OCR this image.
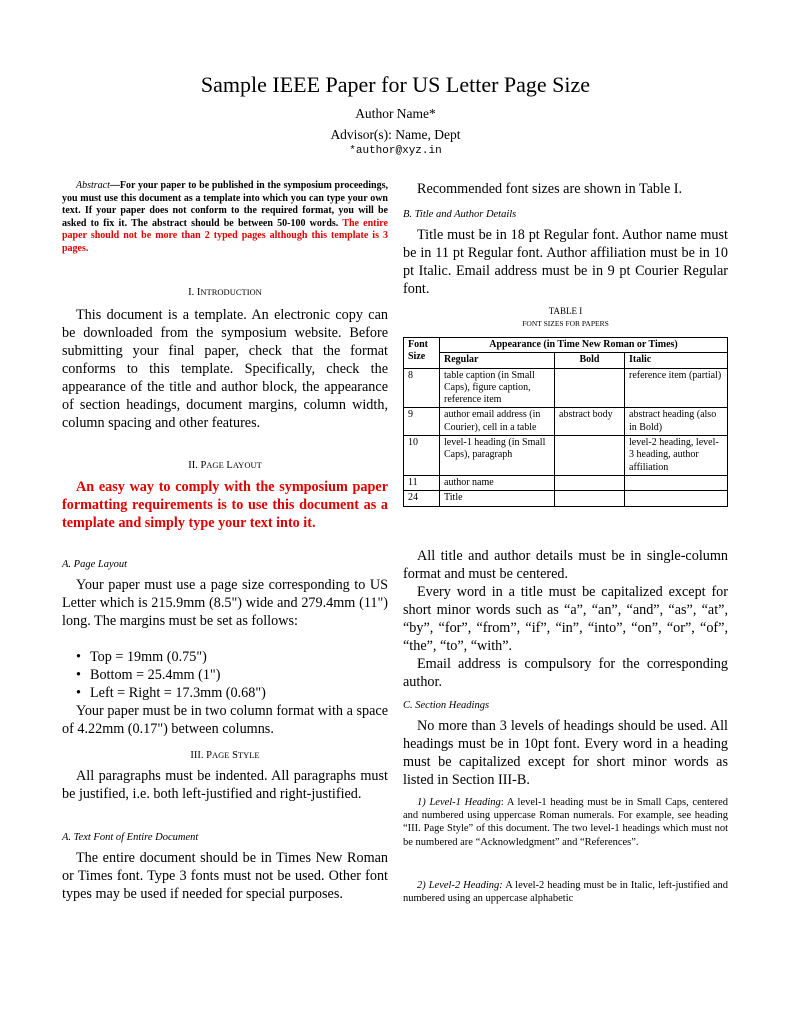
Sample IEEE Paper for US Letter Page Size
Author Name*
Advisor(s): Name, Dept
*author@xyz.in

Abstract—For your paper to be published in the symposium proceedings, you must use this document as a template into which you can type your own text. If your paper does not conform to the required format, you will be asked to fix it. The abstract should be between 50-100 words. The entire paper should not be more than 2 typed pages although this template is 3 pages.

I. INTRODUCTION

This document is a template. An electronic copy can be downloaded from the symposium website. Before submitting your final paper, check that the format conforms to this template. Specifically, check the appearance of the title and author block, the appearance of section headings, document margins, column width, column spacing and other features.

II. PAGE LAYOUT

An easy way to comply with the symposium paper formatting requirements is to use this document as a template and simply type your text into it.

A. Page Layout

Your paper must use a page size corresponding to US Letter which is 215.9mm (8.5") wide and 279.4mm (11") long. The margins must be set as follows:

• Top = 19mm (0.75")
• Bottom = 25.4mm (1")
• Left = Right = 17.3mm (0.68")

Your paper must be in two column format with a space of 4.22mm (0.17") between columns.

III. PAGE STYLE

All paragraphs must be indented. All paragraphs must be justified, i.e. both left-justified and right-justified.

A. Text Font of Entire Document

The entire document should be in Times New Roman or Times font. Type 3 fonts must not be used. Other font types may be used if needed for special purposes.

Recommended font sizes are shown in Table I.

B. Title and Author Details

Title must be in 18 pt Regular font. Author name must be in 11 pt Regular font. Author affiliation must be in 10 pt Italic. Email address must be in 9 pt Courier Regular font.

TABLE I
FONT SIZES FOR PAPERS
Font
Size	Appearance (in Time New Roman or Times)		
	Regular	Bold	Italic
8	table caption (in Small Caps), figure caption, reference item		reference item (partial)
9	author email address (in Courier), cell in a table	abstract body	abstract heading (also in Bold)
10	level-1 heading (in Small Caps), paragraph		level-2 heading, level-3 heading, author affiliation
11	author name		
24	Title		

All title and author details must be in single-column format and must be centered.

Every word in a title must be capitalized except for short minor words such as “a”, “an”, “and”, “as”, “at”, “by”, “for”, “from”, “if”, “in”, “into”, “on”, “or”, “of”, “the”, “to”, “with”.

Email address is compulsory for the corresponding author.

C. Section Headings

No more than 3 levels of headings should be used. All headings must be in 10pt font. Every word in a heading must be capitalized except for short minor words as listed in Section III-B.

1) Level-1 Heading: A level-1 heading must be in Small Caps, centered and numbered using uppercase Roman numerals. For example, see heading “III. Page Style” of this document. The two level-1 headings which must not be numbered are “Acknowledgment” and “References”.

2) Level-2 Heading: A level-2 heading must be in Italic, left-justified and numbered using an uppercase alphabetic
